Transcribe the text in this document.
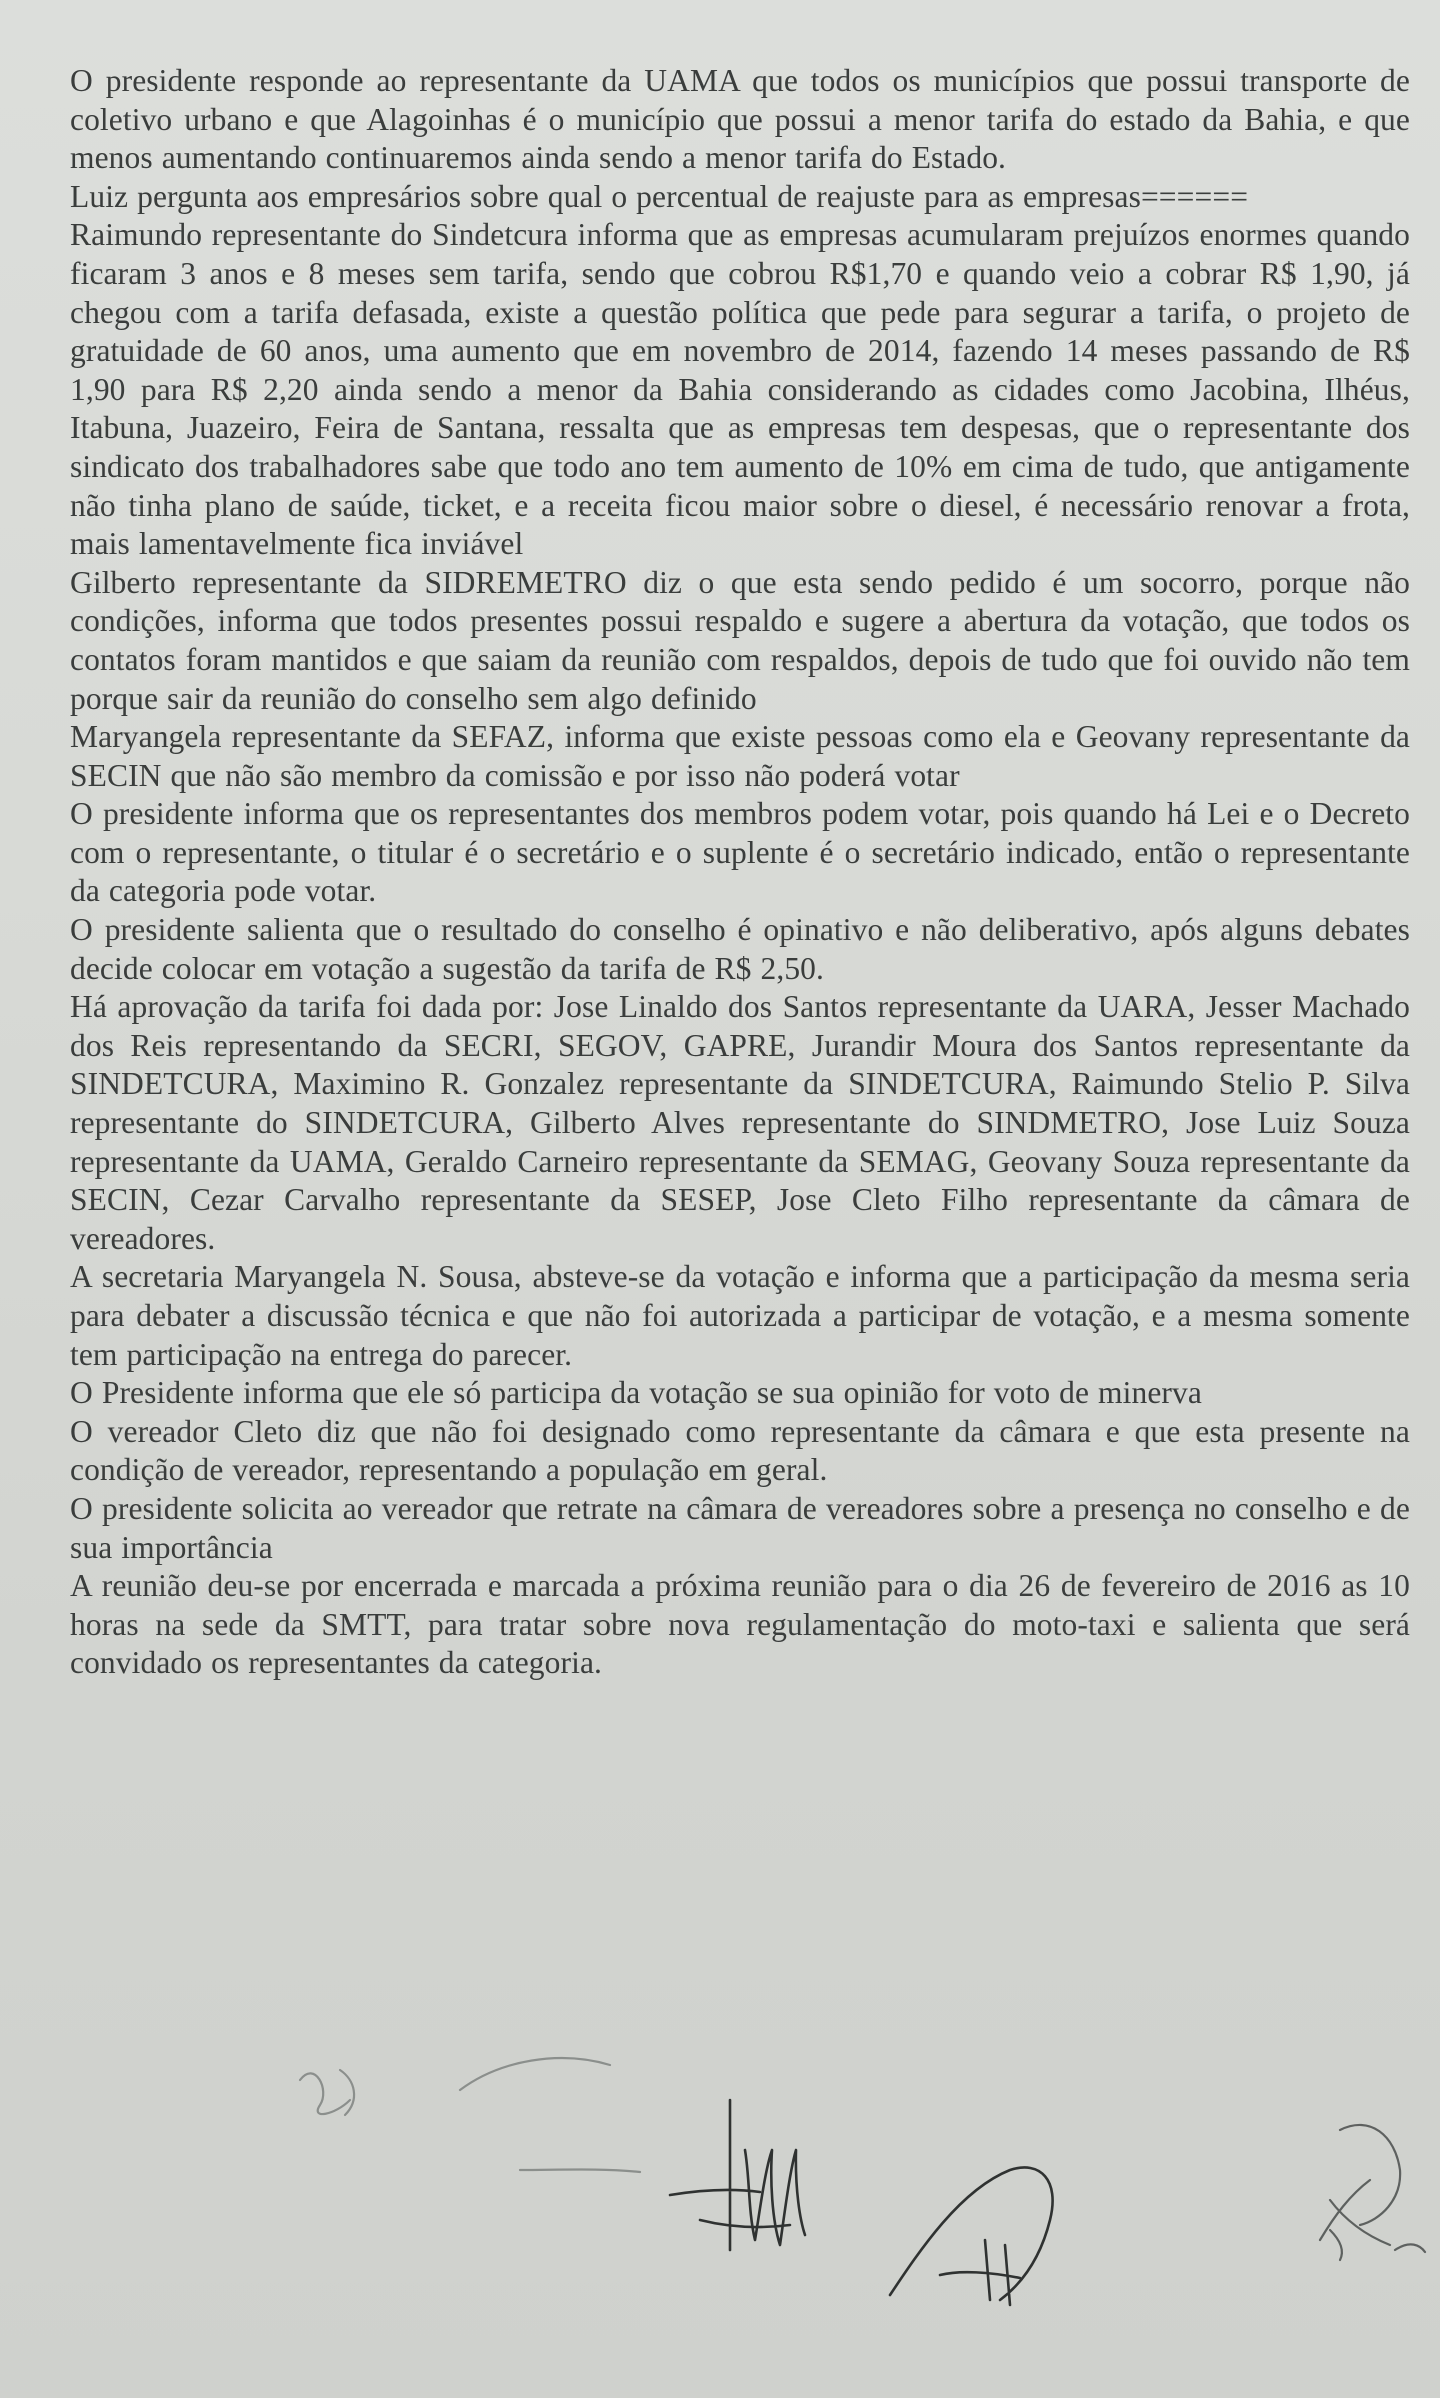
O presidente responde ao representante da UAMA que todos os municípios que possui transporte de coletivo urbano e que Alagoinhas é o município que possui a menor tarifa do estado da Bahia, e que menos aumentando continuaremos ainda sendo a menor tarifa do Estado.

Luiz pergunta aos empresários sobre qual o percentual de reajuste para as empresas======

Raimundo representante do Sindetcura informa que as empresas acumularam prejuízos enormes quando ficaram 3 anos e 8 meses sem tarifa, sendo que cobrou R$1,70 e quando veio a cobrar R$ 1,90, já chegou com a tarifa defasada, existe a questão política que pede para segurar a tarifa, o projeto de gratuidade de 60 anos, uma aumento que em novembro de 2014, fazendo 14 meses passando de R$ 1,90 para R$ 2,20 ainda sendo a menor da Bahia considerando as cidades como Jacobina, Ilhéus, Itabuna, Juazeiro, Feira de Santana, ressalta que as empresas tem despesas, que o representante dos sindicato dos trabalhadores sabe que todo ano tem aumento de 10% em cima de tudo, que antigamente não tinha plano de saúde, ticket, e a receita ficou maior sobre o diesel, é necessário renovar a frota, mais lamentavelmente fica inviável

Gilberto representante da SIDREMETRO diz o que esta sendo pedido é um socorro, porque não condições, informa que todos presentes possui respaldo e sugere a abertura da votação, que todos os contatos foram mantidos e que saiam da reunião com respaldos, depois de tudo que foi ouvido não tem porque sair da reunião do conselho sem algo definido

Maryangela representante da SEFAZ, informa que existe pessoas como ela e Geovany representante da SECIN que não são membro da comissão e por isso não poderá votar

O presidente informa que os representantes dos membros podem votar, pois quando há Lei e o Decreto com o representante, o titular é o secretário e o suplente é o secretário indicado, então o representante da categoria pode votar.

O presidente salienta que o resultado do conselho é opinativo e não deliberativo, após alguns debates decide colocar em votação a sugestão da tarifa de R$ 2,50.

Há aprovação da tarifa foi dada por: Jose Linaldo dos Santos representante da UARA, Jesser Machado dos Reis representando da SECRI, SEGOV, GAPRE, Jurandir Moura dos Santos representante da SINDETCURA, Maximino R. Gonzalez representante da SINDETCURA, Raimundo Stelio P. Silva representante do SINDETCURA, Gilberto Alves representante do SINDMETRO, Jose Luiz Souza representante da UAMA, Geraldo Carneiro representante da SEMAG, Geovany Souza representante da SECIN, Cezar Carvalho representante da SESEP, Jose Cleto Filho representante da câmara de vereadores.

A secretaria Maryangela N. Sousa, absteve-se da votação e informa que a participação da mesma seria para debater a discussão técnica e que não foi autorizada a participar de votação, e a mesma somente tem participação na entrega do parecer.

O Presidente informa que ele só participa da votação se sua opinião for voto de minerva

O vereador Cleto diz que não foi designado como representante da câmara e que esta presente na condição de vereador, representando a população em geral.

O presidente solicita ao vereador que retrate na câmara de vereadores sobre a presença no conselho e de sua importância

A reunião deu-se por encerrada e marcada a próxima reunião para o dia 26 de fevereiro de 2016 as 10 horas na sede da SMTT, para tratar sobre nova regulamentação do moto-taxi e salienta que será convidado os representantes da categoria.
